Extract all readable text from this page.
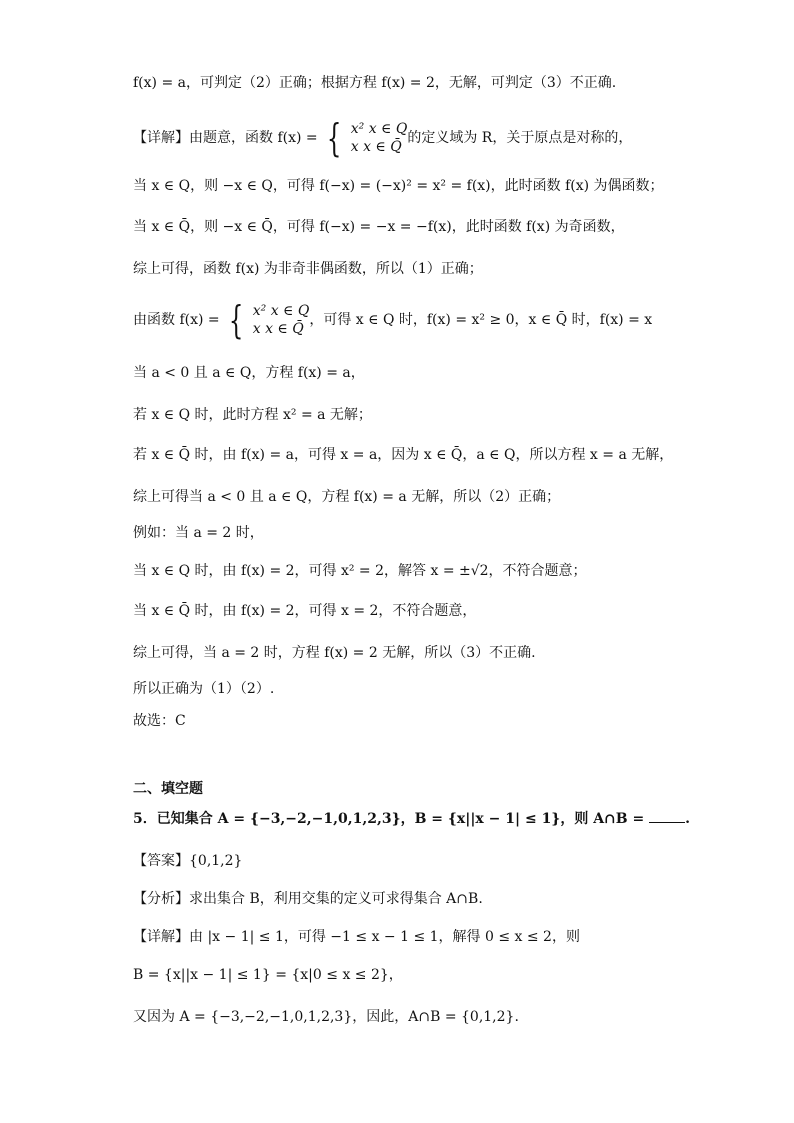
f(x) = a，可判定（2）正确；根据方程 f(x) = 2，无解，可判定（3）不正确.
【详解】由题意，函数 f(x) = { x² x ∈ Q
x x ∈ Q̄
的定义域为 R，关于原点是对称的，
当 x ∈ Q，则 −x ∈ Q，可得 f(−x) = (−x)² = x² = f(x)，此时函数 f(x) 为偶函数；
当 x ∈ Q̄，则 −x ∈ Q̄，可得 f(−x) = −x = −f(x)，此时函数 f(x) 为奇函数，
综上可得，函数 f(x) 为非奇非偶函数，所以（1）正确；
由函数 f(x) = { x² x ∈ Q
x x ∈ Q̄
，可得 x ∈ Q 时，f(x) = x² ≥ 0，x ∈ Q̄ 时，f(x) = x
当 a < 0 且 a ∈ Q，方程 f(x) = a，
若 x ∈ Q 时，此时方程 x² = a 无解；
若 x ∈ Q̄ 时，由 f(x) = a，可得 x = a，因为 x ∈ Q̄，a ∈ Q，所以方程 x = a 无解，
综上可得当 a < 0 且 a ∈ Q，方程 f(x) = a 无解，所以（2）正确；
例如：当 a = 2 时，
当 x ∈ Q 时，由 f(x) = 2，可得 x² = 2，解答 x = ±√2，不符合题意；
当 x ∈ Q̄ 时，由 f(x) = 2，可得 x = 2，不符合题意，
综上可得，当 a = 2 时，方程 f(x) = 2 无解，所以（3）不正确.
所以正确为（1）（2）.
故选：C
二、填空题
5．已知集合 A = {−3,−2,−1,0,1,2,3}，B = {x||x − 1| ≤ 1}，则 A∩B =	.
【答案】{0,1,2}
【分析】求出集合 B，利用交集的定义可求得集合 A∩B.
【详解】由 |x − 1| ≤ 1，可得 −1 ≤ x − 1 ≤ 1，解得 0 ≤ x ≤ 2，则
B = {x||x − 1| ≤ 1} = {x|0 ≤ x ≤ 2}，
又因为 A = {−3,−2,−1,0,1,2,3}，因此，A∩B = {0,1,2}.
